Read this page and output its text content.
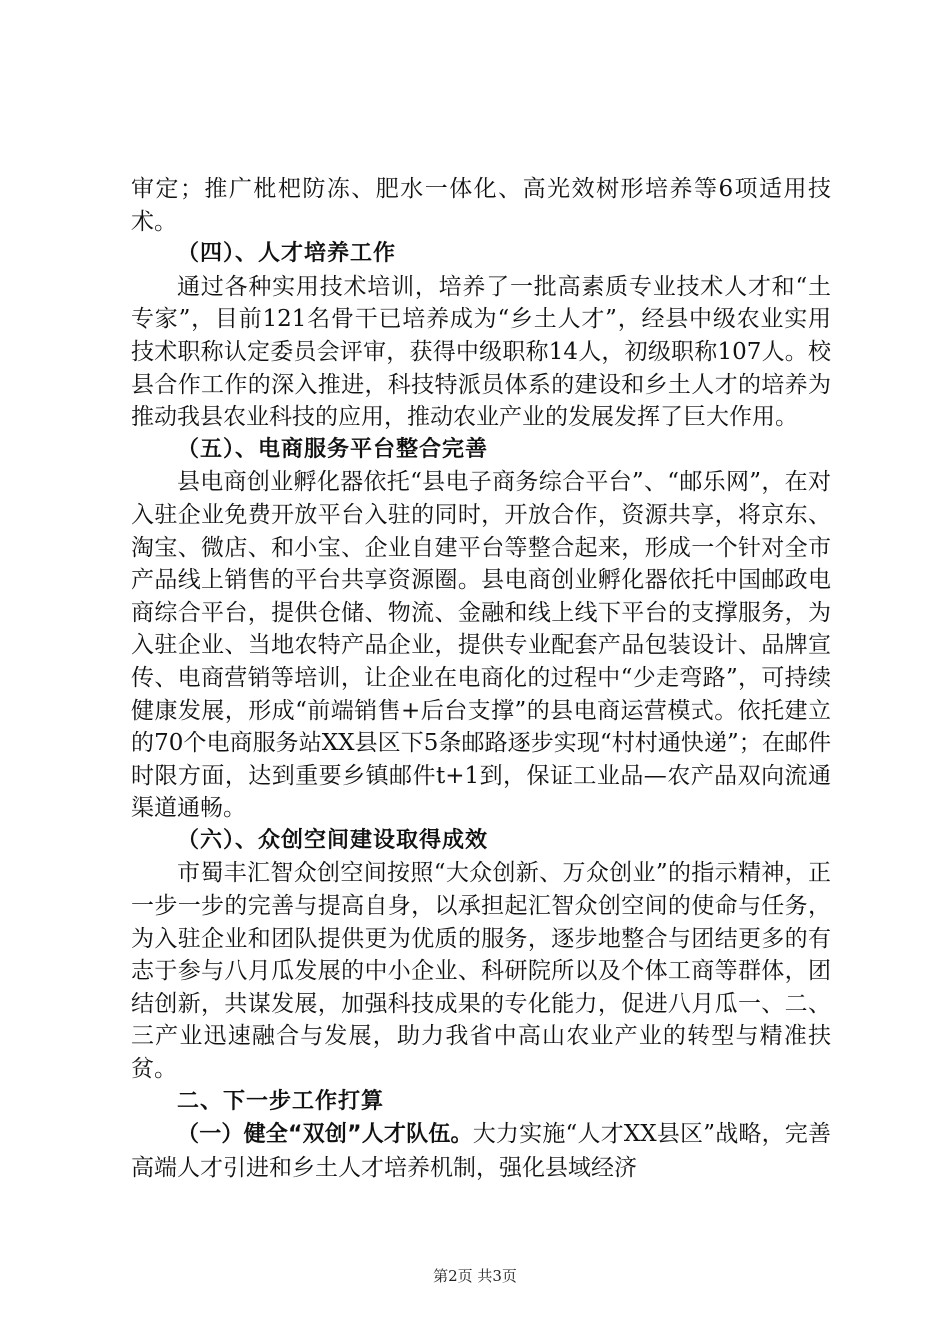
审定；推广枇杷防冻、肥水一体化、高光效树形培养等6项适用技术。

（四）、人才培养工作

通过各种实用技术培训，培养了一批高素质专业技术人才和“土专家”，目前121名骨干已培养成为“乡土人才”，经县中级农业实用技术职称认定委员会评审，获得中级职称14人，初级职称107人。校县合作工作的深入推进，科技特派员体系的建设和乡土人才的培养为推动我县农业科技的应用，推动农业产业的发展发挥了巨大作用。

（五）、电商服务平台整合完善

县电商创业孵化器依托“县电子商务综合平台”、“邮乐网”，在对入驻企业免费开放平台入驻的同时，开放合作，资源共享，将京东、淘宝、微店、和小宝、企业自建平台等整合起来，形成一个针对全市产品线上销售的平台共享资源圈。县电商创业孵化器依托中国邮政电商综合平台，提供仓储、物流、金融和线上线下平台的支撑服务，为入驻企业、当地农特产品企业，提供专业配套产品包装设计、品牌宣传、电商营销等培训，让企业在电商化的过程中“少走弯路”，可持续健康发展，形成“前端销售+后台支撑”的县电商运营模式。依托建立的70个电商服务站XX县区下5条邮路逐步实现“村村通快递”；在邮件时限方面，达到重要乡镇邮件t+1到，保证工业品—农产品双向流通渠道通畅。

（六）、众创空间建设取得成效

市蜀丰汇智众创空间按照“大众创新、万众创业”的指示精神，正一步一步的完善与提高自身，以承担起汇智众创空间的使命与任务，为入驻企业和团队提供更为优质的服务，逐步地整合与团结更多的有志于参与八月瓜发展的中小企业、科研院所以及个体工商等群体，团结创新，共谋发展，加强科技成果的专化能力，促进八月瓜一、二、三产业迅速融合与发展，助力我省中高山农业产业的转型与精准扶贫。

二、下一步工作打算

（一）健全“双创”人才队伍。大力实施“人才XX县区”战略，完善高端人才引进和乡土人才培养机制，强化县域经济

第2页 共3页
